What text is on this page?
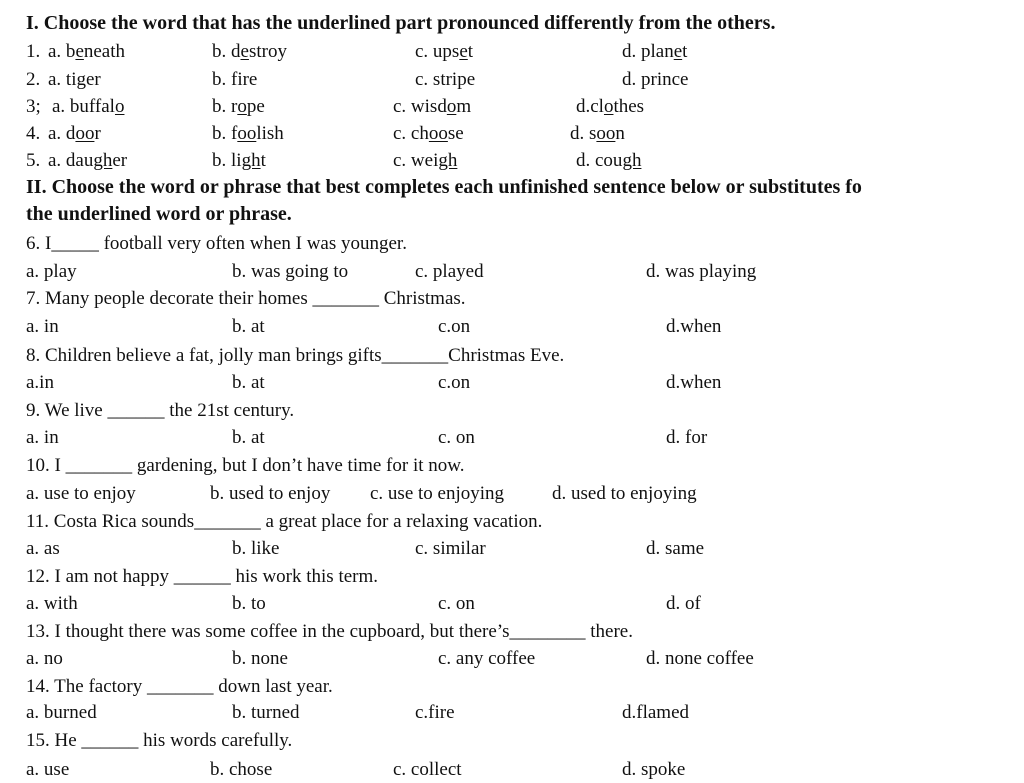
I. Choose the word that has the underlined part pronounced differently from the others.
1. a. beneath	b. destroy	c. upset	d. planet
2. a. tiger	b. fire	c. stripe	d. prince
3; a. buffalo	b. rope	c. wisdom	d.clothes
4. a. door	b. foolish	c. choose	d. soon
5. a. daugher	b. light	c. weigh	d. cough
II. Choose the word or phrase that best completes each unfinished sentence below or substitutes fo
the underlined word or phrase.
6. I_____ football very often when I was younger.
a. play	b. was going to	c. played	d. was playing
7. Many people decorate their homes _______ Christmas.
a. in	b. at	c.on	d.when
8. Children believe a fat, jolly man brings gifts_______Christmas Eve.
a.in	b. at	c.on	d.when
9. We live ______ the 21st century.
a. in	b. at	c. on	d. for
10. I _______ gardening, but I don’t have time for it now.
a. use to enjoy	b. used to enjoy c. use to enjoying	d. used to enjoying
11. Costa Rica sounds_______ a great place for a relaxing vacation.
a. as	b. like	c. similar	d. same
12. I am not happy ______ his work this term.
a. with	b. to	c. on	d. of
13. I thought there was some coffee in the cupboard, but there’s________ there.
a. no	b. none	c. any coffee	d. none coffee
14. The factory _______ down last year.
a. burned	b. turned	c.fire	d.flamed
15. He ______ his words carefully.
a. use	b. chose	c. collect	d. spoke
